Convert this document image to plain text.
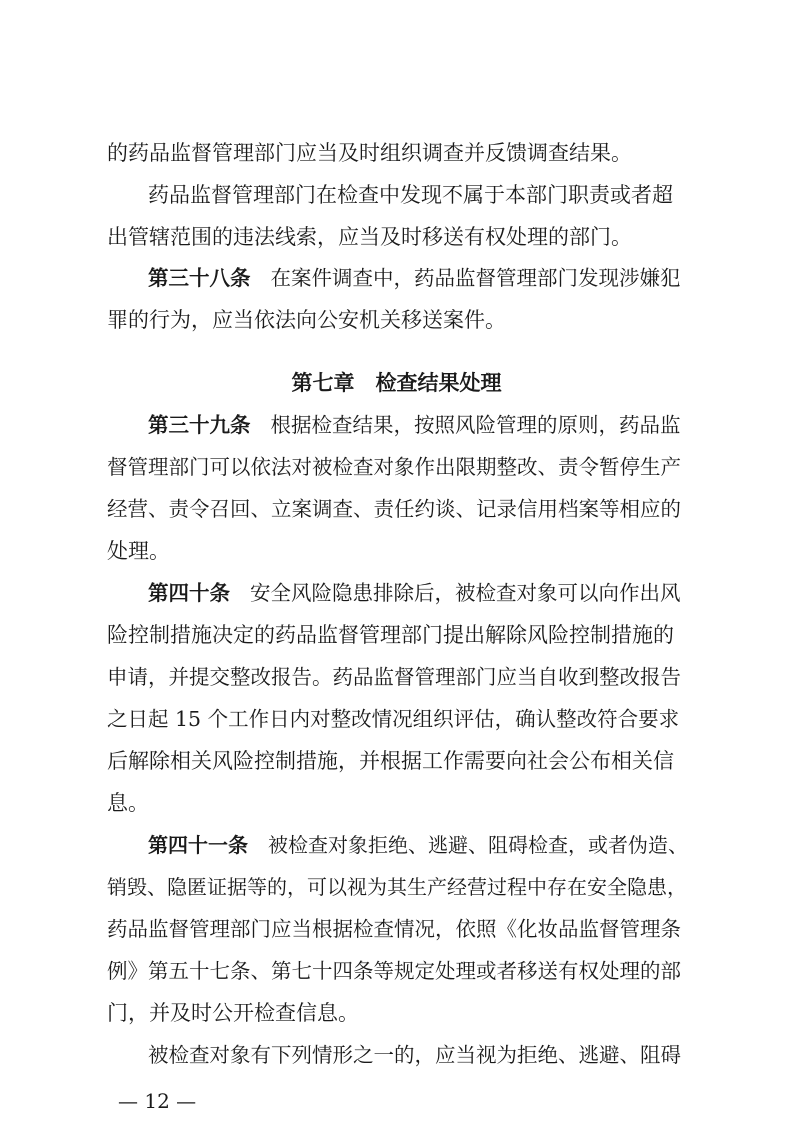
的药品监督管理部门应当及时组织调查并反馈调查结果。
药品监督管理部门在检查中发现不属于本部门职责或者超
出管辖范围的违法线索，应当及时移送有权处理的部门。
第三十八条 在案件调查中，药品监督管理部门发现涉嫌犯
罪的行为，应当依法向公安机关移送案件。
第七章　检查结果处理
第三十九条 根据检查结果，按照风险管理的原则，药品监
督管理部门可以依法对被检查对象作出限期整改、责令暂停生产
经营、责令召回、立案调查、责任约谈、记录信用档案等相应的
处理。
第四十条 安全风险隐患排除后，被检查对象可以向作出风
险控制措施决定的药品监督管理部门提出解除风险控制措施的
申请，并提交整改报告。药品监督管理部门应当自收到整改报告
之日起 15 个工作日内对整改情况组织评估，确认整改符合要求
后解除相关风险控制措施，并根据工作需要向社会公布相关信
息。
第四十一条 被检查对象拒绝、逃避、阻碍检查，或者伪造、
销毁、隐匿证据等的，可以视为其生产经营过程中存在安全隐患，
药品监督管理部门应当根据检查情况，依照《化妆品监督管理条
例》第五十七条、第七十四条等规定处理或者移送有权处理的部
门，并及时公开检查信息。
被检查对象有下列情形之一的，应当视为拒绝、逃避、阻碍
— 12 —
